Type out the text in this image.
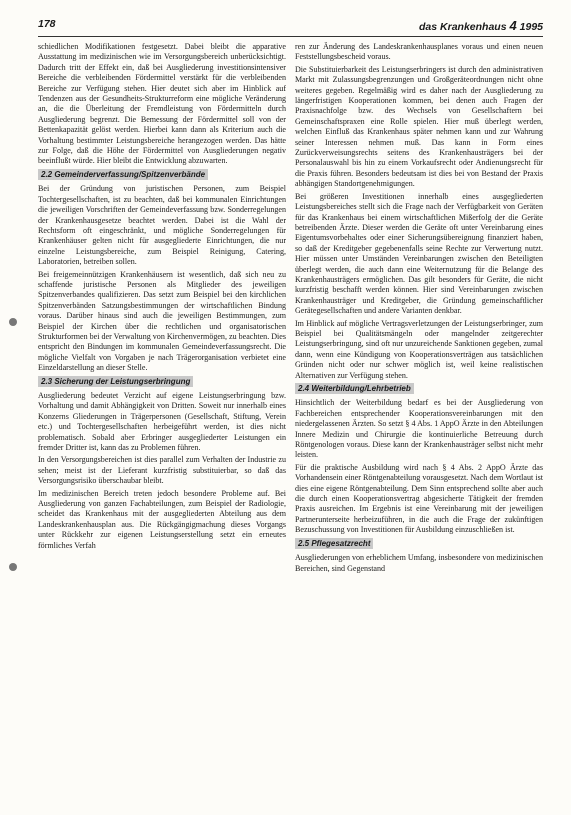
178	das Krankenhaus 4 1995

schiedlichen Modifikationen festgesetzt. Dabei bleibt die apparative Ausstattung im medizinischen wie im Versorgungsbereich unberücksichtigt. Dadurch tritt der Effekt ein, daß bei Ausgliederung investitionsintensiver Bereiche die verbleibenden Fördermittel verstärkt für die verbleibenden Bereiche zur Verfügung stehen. Hier deutet sich aber im Hinblick auf Tendenzen aus der Gesundheits-Strukturreform eine mögliche Veränderung an, die die Überleitung der Fremdleistung von Fördermitteln durch Ausgliederung begrenzt. Die Bemessung der Fördermittel soll von der Bettenkapazität gelöst werden. Hierbei kann dann als Kriterium auch die Vorhaltung bestimmter Leistungsbereiche herangezogen werden. Das hätte zur Folge, daß die Höhe der Fördermittel von Ausgliederungen negativ beeinflußt würde. Hier bleibt die Entwicklung abzuwarten.

2.2 Gemeinderverfassung/Spitzenverbände

Bei der Gründung von juristischen Personen, zum Beispiel Tochtergesellschaften, ist zu beachten, daß bei kommunalen Einrichtungen die jeweiligen Vorschriften der Gemeindeverfassung bzw. Sonderregelungen der Krankenhausgesetze beachtet werden. Dabei ist die Wahl der Rechtsform oft eingeschränkt, und mögliche Sonderregelungen für Krankenhäuser gelten nicht für ausgegliederte Einrichtungen, die nur einzelne Leistungsbereiche, zum Beispiel Reinigung, Catering, Laboratorien, betreiben sollen.

Bei freigemeinnützigen Krankenhäusern ist wesentlich, daß sich neu zu schaffende juristische Personen als Mitglieder des jeweiligen Spitzenverbandes qualifizieren. Das setzt zum Beispiel bei den kirchlichen Spitzenverbänden Satzungsbestimmungen der wirtschaftlichen Bindung voraus. Darüber hinaus sind auch die jeweiligen Bestimmungen, zum Beispiel der Kirchen über die rechtlichen und organisatorischen Strukturformen bei der Verwaltung von Kirchenvermögen, zu beachten. Dies entspricht den Bindungen im kommunalen Gemeindeverfassungsrecht. Die mögliche Vielfalt von Vorgaben je nach Trägerorganisation verbietet eine Einzeldarstellung an dieser Stelle.

2.3 Sicherung der Leistungserbringung

Ausgliederung bedeutet Verzicht auf eigene Leistungserbringung bzw. Vorhaltung und damit Abhängigkeit von Dritten. Soweit nur innerhalb eines Konzerns Gliederungen in Trägerpersonen (Gesellschaft, Stiftung, Verein etc.) und Tochtergesellschaften herbeigeführt werden, ist dies nicht problematisch. Sobald aber Erbringer ausgegliederter Leistungen ein fremder Dritter ist, kann das zu Problemen führen.

In den Versorgungsbereichen ist dies parallel zum Verhalten der Industrie zu sehen; meist ist der Lieferant kurzfristig substituierbar, so daß das Versorgungsrisiko überschaubar bleibt.

Im medizinischen Bereich treten jedoch besondere Probleme auf. Bei Ausgliederung von ganzen Fachabteilungen, zum Beispiel der Radiologie, scheidet das Krankenhaus mit der ausgegliederten Abteilung aus dem Landeskrankenhausplan aus. Die Rückgängigmachung dieses Vorgangs unter Rückkehr zur eigenen Leistungserstellung setzt ein erneutes förmliches Verfah

ren zur Änderung des Landeskrankenhausplanes voraus und einen neuen Feststellungsbescheid voraus.

Die Substituierbarkeit des Leistungserbringers ist durch den administrativen Markt mit Zulassungsbegrenzungen und Großgeräteordnungen nicht ohne weiteres gegeben. Regelmäßig wird es daher nach der Ausgliederung zu längerfristigen Kooperationen kommen, bei denen auch Fragen der Praxisnachfolge bzw. des Wechsels von Gesellschaftern bei Gemeinschaftspraxen eine Rolle spielen. Hier muß überlegt werden, welchen Einfluß das Krankenhaus später nehmen kann und zur Wahrung seiner Interessen nehmen muß. Das kann in Form eines Zurückverweisungsrechts seitens des Krankenhausträgers bei der Personalauswahl bis hin zu einem Vorkaufsrecht oder Andienungsrecht für die Praxis führen. Besonders bedeutsam ist dies bei von Bestand der Praxis abhängigen Standortgenehmigungen.

Bei größeren Investitionen innerhalb eines ausgegliederten Leistungsbereiches stellt sich die Frage nach der Verfügbarkeit von Geräten für das Krankenhaus bei einem wirtschaftlichen Mißerfolg der die Geräte betreibenden Ärzte. Dieser werden die Geräte oft unter Vereinbarung eines Eigentumsvorbehaltes oder einer Sicherungsübereignung finanziert haben, so daß der Kreditgeber gegebenenfalls seine Rechte zur Verwertung nutzt. Hier müssen unter Umständen Vereinbarungen zwischen den Beteiligten überlegt werden, die auch dann eine Weiternutzung für die Belange des Krankenhausträgers ermöglichen. Das gilt besonders für Geräte, die nicht kurzfristig beschafft werden können. Hier sind Vereinbarungen zwischen Krankenhausträger und Kreditgeber, die Gründung gemeinschaftlicher Gerätegesellschaften und andere Varianten denkbar.

Im Hinblick auf mögliche Vertragsverletzungen der Leistungserbringer, zum Beispiel bei Qualitätsmängeln oder mangelnder zeitgerechter Leistungserbringung, sind oft nur unzureichende Sanktionen gegeben, zumal dann, wenn eine Kündigung von Kooperationsverträgen aus tatsächlichen Gründen nicht oder nur schwer möglich ist, weil keine realistischen Alternativen zur Verfügung stehen.

2.4 Weiterbildung/Lehrbetrieb

Hinsichtlich der Weiterbildung bedarf es bei der Ausgliederung von Fachbereichen entsprechender Kooperationsvereinbarungen mit den niedergelassenen Ärzten. So setzt § 4 Abs. 1 AppO Ärzte in den Abteilungen Innere Medizin und Chirurgie die kontinuierliche Betreuung durch Röntgenologen voraus. Diese kann der Krankenhausträger selbst nicht mehr leisten.

Für die praktische Ausbildung wird nach § 4 Abs. 2 AppO Ärzte das Vorhandensein einer Röntgenabteilung vorausgesetzt. Nach dem Wortlaut ist dies eine eigene Röntgenabteilung. Dem Sinn entsprechend sollte aber auch die durch einen Kooperationsvertrag abgesicherte Tätigkeit der fremden Praxis ausreichen. Im Ergebnis ist eine Vereinbarung mit der jeweiligen Partnerunterseite herbeizuführen, in die auch die Frage der zukünftigen Bezuschussung von Investitionen für Ausbildung einzuschließen ist.

2.5 Pflegesatzrecht

Ausgliederungen von erheblichem Umfang, insbesondere von medizinischen Bereichen, sind Gegenstand
